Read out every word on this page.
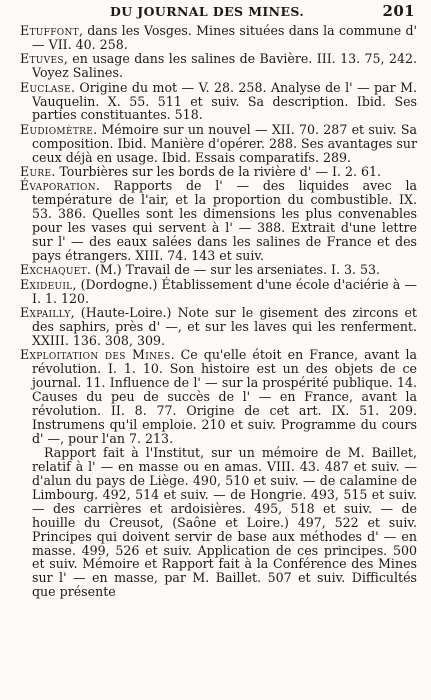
DU JOURNAL DES MINES.	201

Etuffont, dans les Vosges. Mines situées dans la commune d' — VII. 40. 258.

Etuves, en usage dans les salines de Bavière. III. 13. 75, 242. Voyez Salines.

Euclase. Origine du mot — V. 28. 258. Analyse de l' — par M. Vauquelin. X. 55. 511 et suiv. Sa description. Ibid. Ses parties constituantes. 518.

Eudiomètre. Mémoire sur un nouvel — XII. 70. 287 et suiv. Sa composition. Ibid. Manière d'opérer. 288. Ses avantages sur ceux déjà en usage. Ibid. Essais comparatifs. 289.

Eure. Tourbières sur les bords de la rivière d' — I. 2. 61.

Évaporation. Rapports de l' — des liquides avec la température de l'air, et la proportion du combustible. IX. 53. 386. Quelles sont les dimensions les plus convenables pour les vases qui servent à l' — 388. Extrait d'une lettre sur l' — des eaux salées dans les salines de France et des pays étrangers. XIII. 74. 143 et suiv.

Exchaquet. (M.) Travail de — sur les arseniates. I. 3. 53.

Exideuil, (Dordogne.) Établissement d'une école d'aciérie à — I. 1. 120.

Expailly, (Haute-Loire.) Note sur le gisement des zircons et des saphirs, près d' —, et sur les laves qui les renferment. XXIII. 136. 308, 309.

Exploitation des Mines. Ce qu'elle étoit en France, avant la révolution. I. 1. 10. Son histoire est un des objets de ce journal. 11. Influence de l' — sur la prospérité publique. 14. Causes du peu de succès de l' — en France, avant la révolution. II. 8. 77. Origine de cet art. IX. 51. 209. Instrumens qu'il emploie. 210 et suiv. Programme du cours d' —, pour l'an 7. 213.

Rapport fait à l'Institut, sur un mémoire de M. Baillet, relatif à l' — en masse ou en amas. VIII. 43. 487 et suiv. — d'alun du pays de Liège. 490, 510 et suiv. — de calamine de Limbourg. 492, 514 et suiv. — de Hongrie. 493, 515 et suiv. — des carrières et ardoisières. 495, 518 et suiv. — de houille du Creusot, (Saône et Loire.) 497, 522 et suiv. Principes qui doivent servir de base aux méthodes d' — en masse. 499, 526 et suiv. Application de ces principes. 500 et suiv. Mémoire et Rapport fait à la Conférence des Mines sur l' — en masse, par M. Baillet. 507 et suiv. Difficultés que présente
